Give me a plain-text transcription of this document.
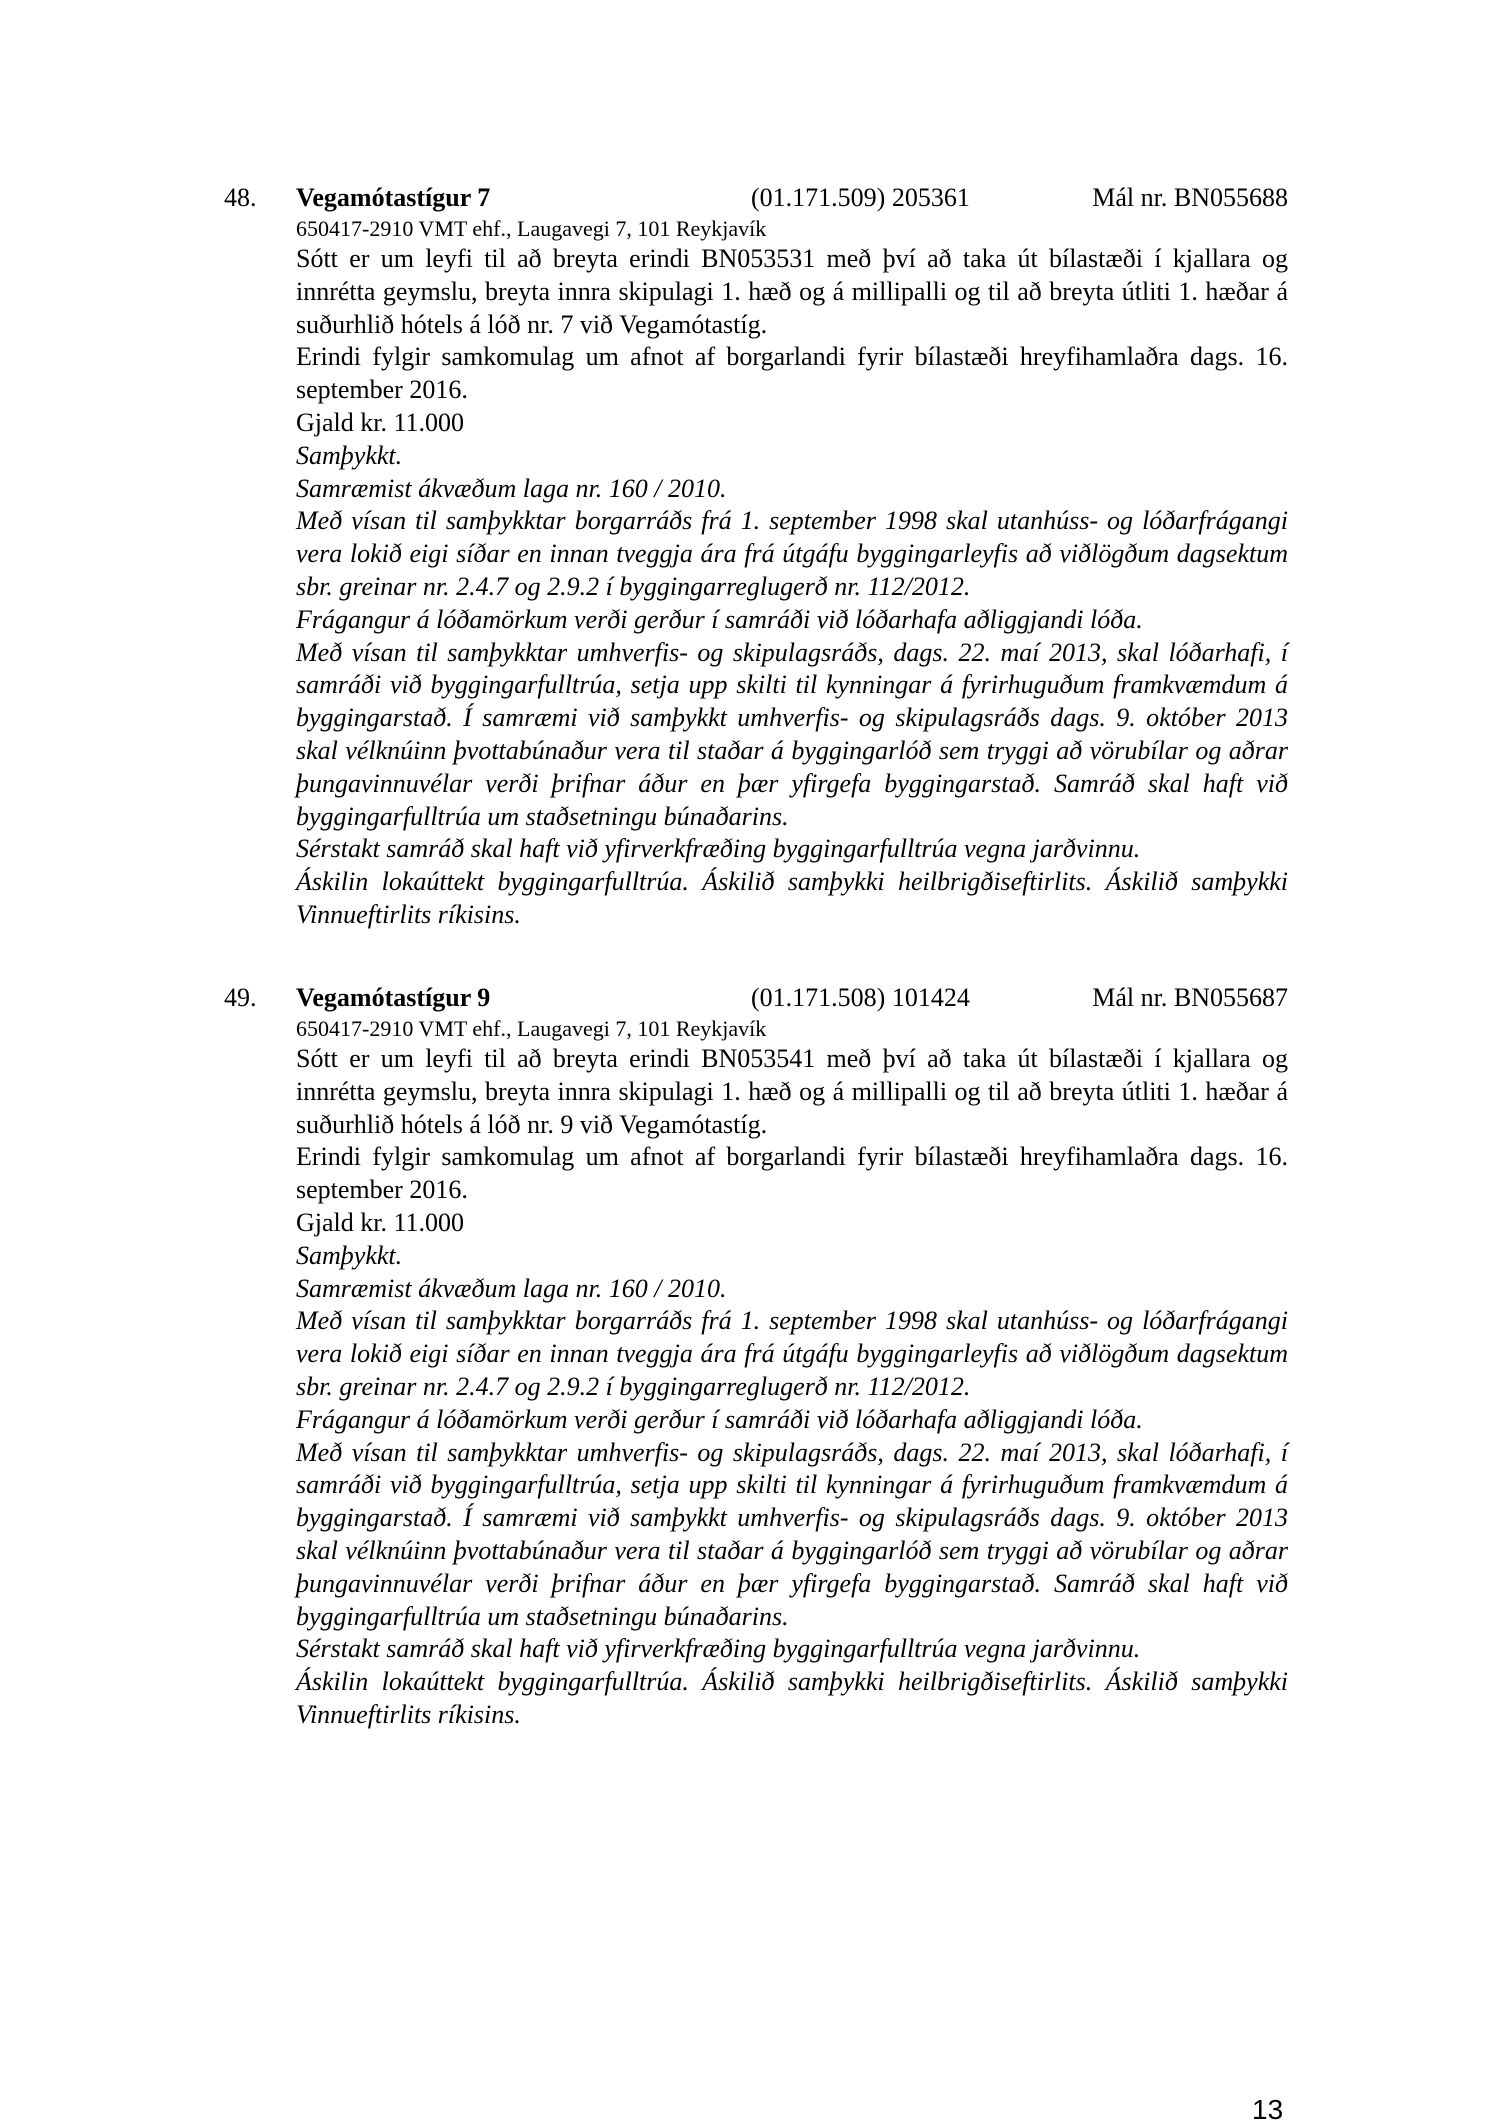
48. Vegamótastígur 7	(01.171.509) 205361	Mál nr. BN055688
650417-2910 VMT ehf., Laugavegi 7, 101 Reykjavík
Sótt er um leyfi til að breyta erindi BN053531 með því að taka út bílastæði í kjallara og innrétta geymslu, breyta innra skipulagi 1. hæð og á millipalli og til að breyta útliti 1. hæðar á suðurhlið hótels á lóð nr. 7 við Vegamótastíg.
Erindi fylgir samkomulag um afnot af borgarlandi fyrir bílastæði hreyfihamlaðra dags. 16. september 2016.
Gjald kr. 11.000
Samþykkt.
Samræmist ákvæðum laga nr. 160 / 2010.
Með vísan til samþykktar borgarráðs frá 1. september 1998 skal utanhúss- og lóðarfrágangi vera lokið eigi síðar en innan tveggja ára frá útgáfu byggingarleyfis að viðlögðum dagsektum sbr. greinar nr. 2.4.7 og 2.9.2 í byggingarreglugerð nr. 112/2012.
Frágangur á lóðamörkum verði gerður í samráði við lóðarhafa aðliggjandi lóða.
Með vísan til samþykktar umhverfis- og skipulagsráðs, dags. 22. maí 2013, skal lóðarhafi, í samráði við byggingarfulltrúa, setja upp skilti til kynningar á fyrirhuguðum framkvæmdum á byggingarstað. Í samræmi við samþykkt umhverfis- og skipulagsráðs dags. 9. október 2013 skal vélknúinn þvottabúnaður vera til staðar á byggingarlóð sem tryggi að vörubílar og aðrar þungavinnuvélar verði þrifnar áður en þær yfirgefa byggingarstað. Samráð skal haft við byggingarfulltrúa um staðsetningu búnaðarins.
Sérstakt samráð skal haft við yfirverkfræðing byggingarfulltrúa vegna jarðvinnu.
Áskilin lokaúttekt byggingarfulltrúa. Áskilið samþykki heilbrigðiseftirlits. Áskilið samþykki Vinnueftirlits ríkisins.
49. Vegamótastígur 9	(01.171.508) 101424	Mál nr. BN055687
650417-2910 VMT ehf., Laugavegi 7, 101 Reykjavík
Sótt er um leyfi til að breyta erindi BN053541 með því að taka út bílastæði í kjallara og innrétta geymslu, breyta innra skipulagi 1. hæð og á millipalli og til að breyta útliti 1. hæðar á suðurhlið hótels á lóð nr. 9 við Vegamótastíg.
Erindi fylgir samkomulag um afnot af borgarlandi fyrir bílastæði hreyfihamlaðra dags. 16. september 2016.
Gjald kr. 11.000
Samþykkt.
Samræmist ákvæðum laga nr. 160 / 2010.
Með vísan til samþykktar borgarráðs frá 1. september 1998 skal utanhúss- og lóðarfrágangi vera lokið eigi síðar en innan tveggja ára frá útgáfu byggingarleyfis að viðlögðum dagsektum sbr. greinar nr. 2.4.7 og 2.9.2 í byggingarreglugerð nr. 112/2012.
Frágangur á lóðamörkum verði gerður í samráði við lóðarhafa aðliggjandi lóða.
Með vísan til samþykktar umhverfis- og skipulagsráðs, dags. 22. maí 2013, skal lóðarhafi, í samráði við byggingarfulltrúa, setja upp skilti til kynningar á fyrirhuguðum framkvæmdum á byggingarstað. Í samræmi við samþykkt umhverfis- og skipulagsráðs dags. 9. október 2013 skal vélknúinn þvottabúnaður vera til staðar á byggingarlóð sem tryggi að vörubílar og aðrar þungavinnuvélar verði þrifnar áður en þær yfirgefa byggingarstað. Samráð skal haft við byggingarfulltrúa um staðsetningu búnaðarins.
Sérstakt samráð skal haft við yfirverkfræðing byggingarfulltrúa vegna jarðvinnu.
Áskilin lokaúttekt byggingarfulltrúa. Áskilið samþykki heilbrigðiseftirlits. Áskilið samþykki Vinnueftirlits ríkisins.
13
